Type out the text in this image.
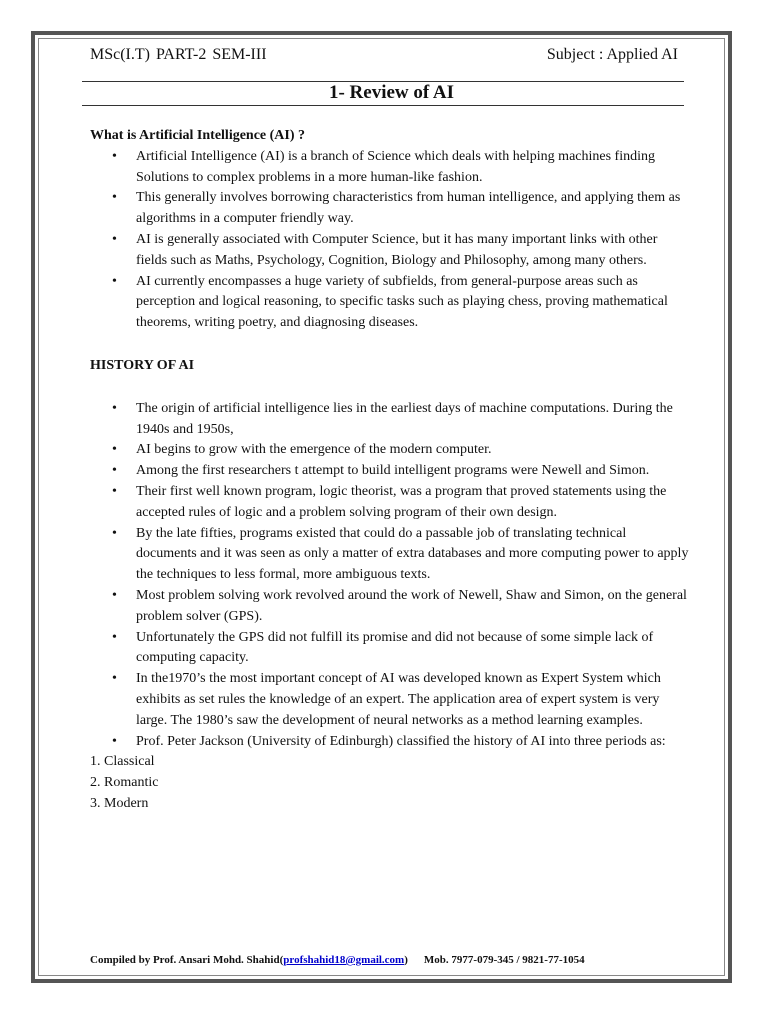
MSc(I.T) PART-2 SEM-III	Subject : Applied AI
1- Review of AI
What is Artificial Intelligence (AI) ?
• Artificial Intelligence (AI) is a branch of Science which deals with helping machines finding Solutions to complex problems in a more human-like fashion.
• This generally involves borrowing characteristics from human intelligence, and applying them as algorithms in a computer friendly way.
• AI is generally associated with Computer Science, but it has many important links with other fields such as Maths, Psychology, Cognition, Biology and Philosophy, among many others.
• AI currently encompasses a huge variety of subfields, from general-purpose areas such as perception and logical reasoning, to specific tasks such as playing chess, proving mathematical theorems, writing poetry, and diagnosing diseases.
HISTORY OF AI
• The origin of artificial intelligence lies in the earliest days of machine computations. During the 1940s and 1950s,
• AI begins to grow with the emergence of the modern computer.
• Among the first researchers t attempt to build intelligent programs were Newell and Simon.
• Their first well known program, logic theorist, was a program that proved statements using the accepted rules of logic and a problem solving program of their own design.
• By the late fifties, programs existed that could do a passable job of translating technical documents and it was seen as only a matter of extra databases and more computing power to apply the techniques to less formal, more ambiguous texts.
• Most problem solving work revolved around the work of Newell, Shaw and Simon, on the general problem solver (GPS).
• Unfortunately the GPS did not fulfill its promise and did not because of some simple lack of computing capacity.
• In the1970’s the most important concept of AI was developed known as Expert System which exhibits as set rules the knowledge of an expert. The application area of expert system is very large. The 1980’s saw the development of neural networks as a method learning examples.
• Prof. Peter Jackson (University of Edinburgh) classified the history of AI into three periods as:
1. Classical
2. Romantic
3. Modern
Compiled by Prof. Ansari Mohd. Shahid(profshahid18@gmail.com) Mob. 7977-079-345 / 9821-77-1054
